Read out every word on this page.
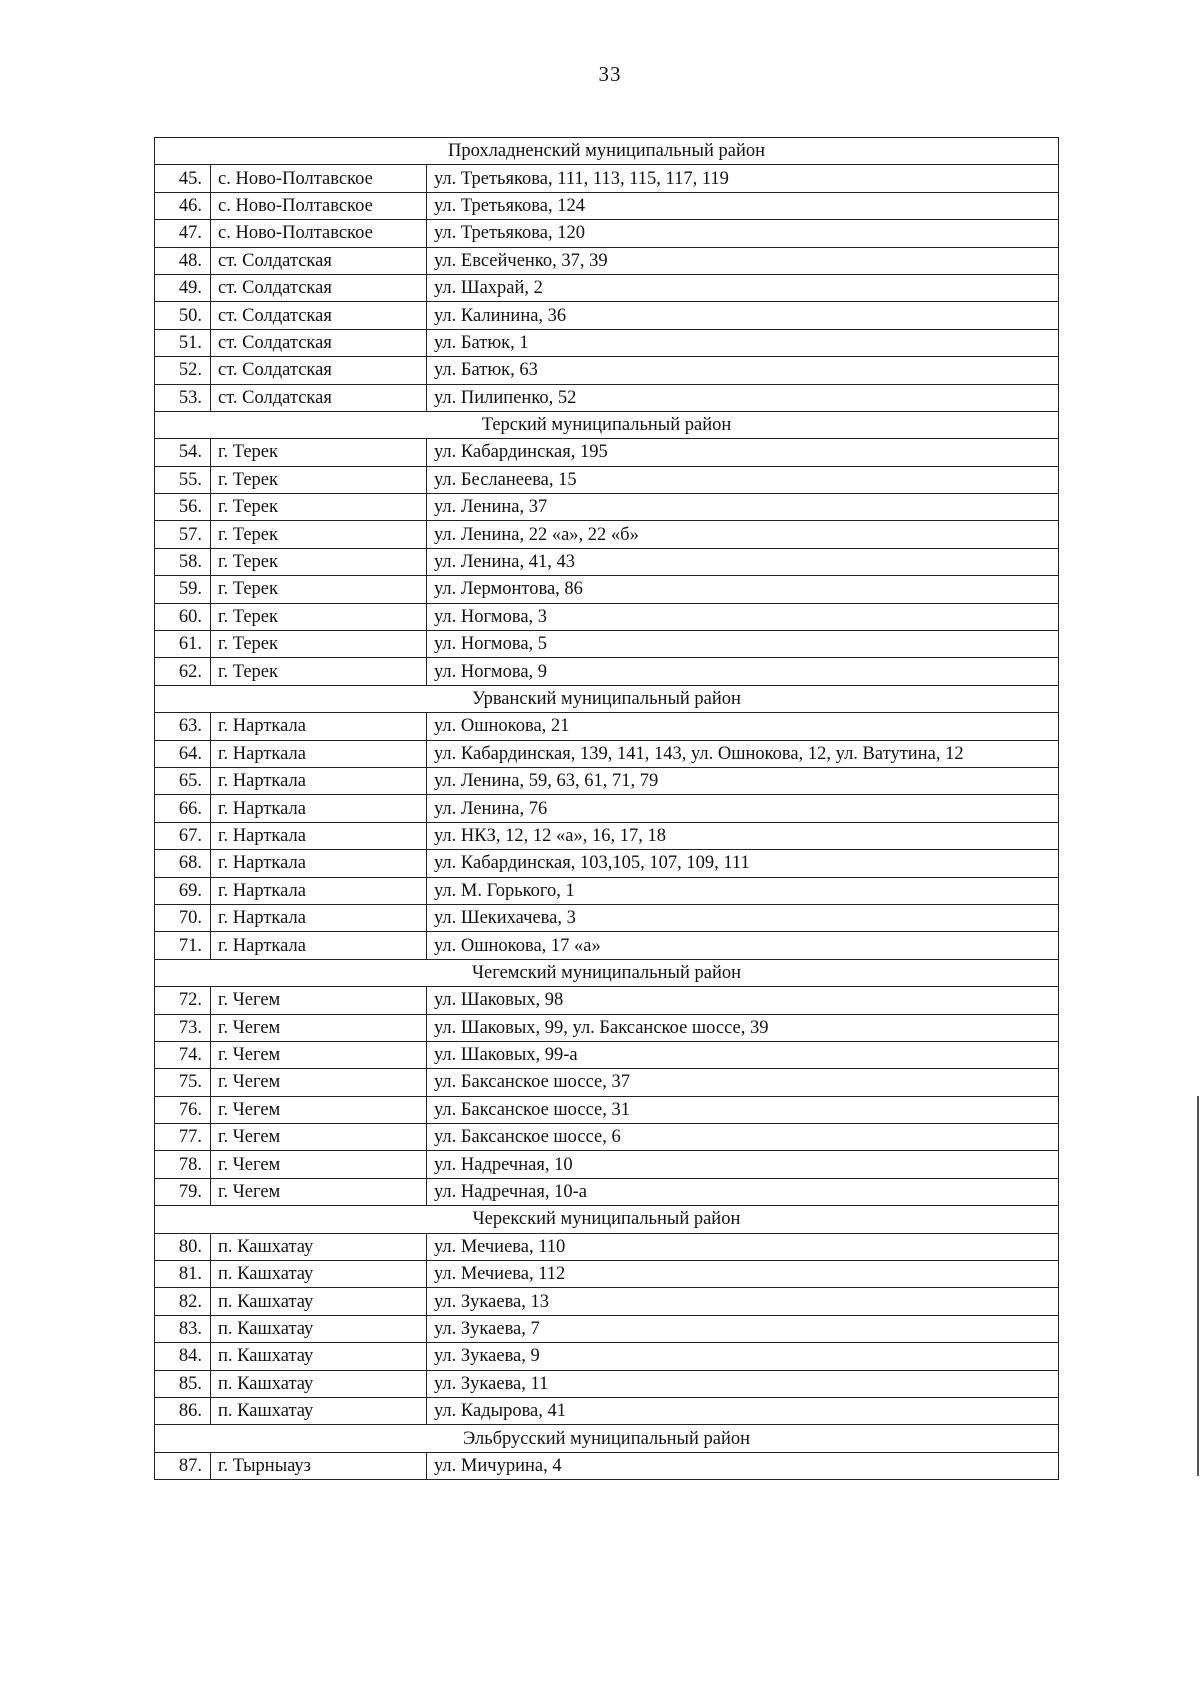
33
Прохладненский муниципальный район		
45.	с. Ново-Полтавское	ул. Третьякова, 111, 113, 115, 117, 119
46.	с. Ново-Полтавское	ул. Третьякова, 124
47.	с. Ново-Полтавское	ул. Третьякова, 120
48.	ст. Солдатская	ул. Евсейченко, 37, 39
49.	ст. Солдатская	ул. Шахрай, 2
50.	ст. Солдатская	ул. Калинина, 36
51.	ст. Солдатская	ул. Батюк, 1
52.	ст. Солдатская	ул. Батюк, 63
53.	ст. Солдатская	ул. Пилипенко, 52
Терский муниципальный район		
54.	г. Терек	ул. Кабардинская, 195
55.	г. Терек	ул. Бесланеева, 15
56.	г. Терек	ул. Ленина, 37
57.	г. Терек	ул. Ленина, 22 «а», 22 «б»
58.	г. Терек	ул. Ленина, 41, 43
59.	г. Терек	ул. Лермонтова, 86
60.	г. Терек	ул. Ногмова, 3
61.	г. Терек	ул. Ногмова, 5
62.	г. Терек	ул. Ногмова, 9
Урванский муниципальный район		
63.	г. Нарткала	ул. Ошнокова, 21
64.	г. Нарткала	ул. Кабардинская, 139, 141, 143, ул. Ошнокова, 12, ул. Ватутина, 12
65.	г. Нарткала	ул. Ленина, 59, 63, 61, 71, 79
66.	г. Нарткала	ул. Ленина, 76
67.	г. Нарткала	ул. НКЗ, 12, 12 «а», 16, 17, 18
68.	г. Нарткала	ул. Кабардинская, 103,105, 107, 109, 111
69.	г. Нарткала	ул. М. Горького, 1
70.	г. Нарткала	ул. Шекихачева, 3
71.	г. Нарткала	ул. Ошнокова, 17 «а»
Чегемский муниципальный район		
72.	г. Чегем	ул. Шаковых, 98
73.	г. Чегем	ул. Шаковых, 99, ул. Баксанское шоссе, 39
74.	г. Чегем	ул. Шаковых, 99-а
75.	г. Чегем	ул. Баксанское шоссе, 37
76.	г. Чегем	ул. Баксанское шоссе, 31
77.	г. Чегем	ул. Баксанское шоссе, 6
78.	г. Чегем	ул. Надречная, 10
79.	г. Чегем	ул. Надречная, 10-а
Черекский муниципальный район		
80.	п. Кашхатау	ул. Мечиева, 110
81.	п. Кашхатау	ул. Мечиева, 112
82.	п. Кашхатау	ул. Зукаева, 13
83.	п. Кашхатау	ул. Зукаева, 7
84.	п. Кашхатау	ул. Зукаева, 9
85.	п. Кашхатау	ул. Зукаева, 11
86.	п. Кашхатау	ул. Кадырова, 41
Эльбрусский муниципальный район		
87.	г. Тырныауз	ул. Мичурина, 4
